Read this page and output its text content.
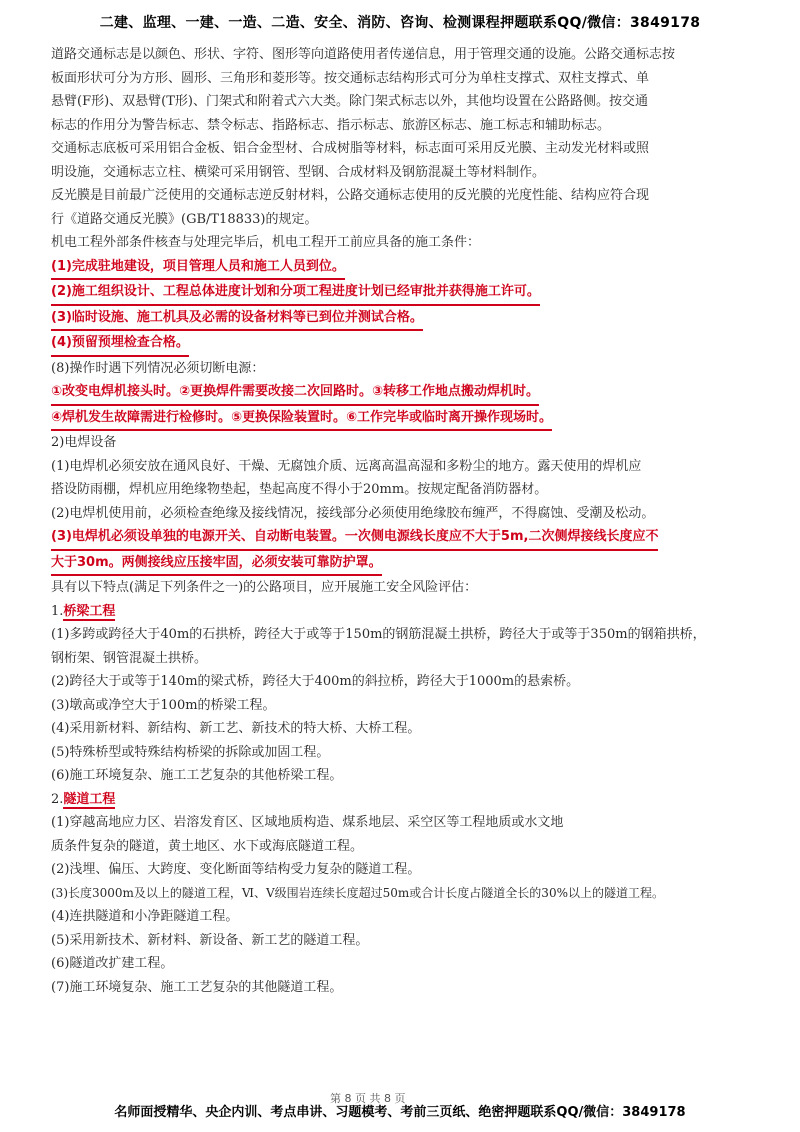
二建、监理、一建、一造、二造、安全、消防、咨询、检测课程押题联系QQ/微信：3849178

道路交通标志是以颜色、形状、字符、图形等向道路使用者传递信息，用于管理交通的设施。公路交通标志按

板面形状可分为方形、圆形、三角形和菱形等。按交通标志结构形式可分为单柱支撑式、双柱支撑式、单

悬臂(F形)、双悬臂(T形)、门架式和附着式六大类。除门架式标志以外，其他均设置在公路路侧。按交通

标志的作用分为警告标志、禁令标志、指路标志、指示标志、旅游区标志、施工标志和辅助标志。

交通标志底板可采用铝合金板、铝合金型材、合成树脂等材料，标志面可采用反光膜、主动发光材料或照

明设施，交通标志立柱、横梁可采用钢管、型钢、合成材料及钢筋混凝土等材料制作。

反光膜是目前最广泛使用的交通标志逆反射材料，公路交通标志使用的反光膜的光度性能、结构应符合现

行《道路交通反光膜》(GB/T18833)的规定。

机电工程外部条件核查与处理完毕后，机电工程开工前应具备的施工条件：

(1)完成驻地建设，项目管理人员和施工人员到位。

(2)施工组织设计、工程总体进度计划和分项工程进度计划已经审批并获得施工许可。

(3)临时设施、施工机具及必需的设备材料等已到位并测试合格。

(4)预留预埋检查合格。

(8)操作时遇下列情况必须切断电源：

①改变电焊机接头时。②更换焊件需要改接二次回路时。③转移工作地点搬动焊机时。

④焊机发生故障需进行检修时。⑤更换保险装置时。⑥工作完毕或临时离开操作现场时。

2)电焊设备

(1)电焊机必须安放在通风良好、干燥、无腐蚀介质、远离高温高湿和多粉尘的地方。露天使用的焊机应

搭设防雨棚，焊机应用绝缘物垫起，垫起高度不得小于20mm。按规定配备消防器材。

(2)电焊机使用前，必须检查绝缘及接线情况，接线部分必须使用绝缘胶布缠严，不得腐蚀、受潮及松动。

(3)电焊机必须设单独的电源开关、自动断电装置。一次侧电源线长度应不大于5m,二次侧焊接线长度应不

大于30m。两侧接线应压接牢固，必须安装可靠防护罩。

具有以下特点(满足下列条件之一)的公路项目，应开展施工安全风险评估：

1.桥梁工程

(1)多跨或跨径大于40m的石拱桥，跨径大于或等于150m的钢筋混凝土拱桥，跨径大于或等于350m的钢箱拱桥，

钢桁架、钢管混凝土拱桥。

(2)跨径大于或等于140m的梁式桥，跨径大于400m的斜拉桥，跨径大于1000m的悬索桥。

(3)墩高或净空大于100m的桥梁工程。

(4)采用新材料、新结构、新工艺、新技术的特大桥、大桥工程。

(5)特殊桥型或特殊结构桥梁的拆除或加固工程。

(6)施工环境复杂、施工工艺复杂的其他桥梁工程。

2.隧道工程

(1)穿越高地应力区、岩溶发育区、区域地质构造、煤系地层、采空区等工程地质或水文地

质条件复杂的隧道，黄土地区、水下或海底隧道工程。

(2)浅埋、偏压、大跨度、变化断面等结构受力复杂的隧道工程。

(3)长度3000m及以上的隧道工程，Ⅵ、Ⅴ级围岩连续长度超过50m或合计长度占隧道全长的30%以上的隧道工程。

(4)连拱隧道和小净距隧道工程。

(5)采用新技术、新材料、新设备、新工艺的隧道工程。

(6)隧道改扩建工程。

(7)施工环境复杂、施工工艺复杂的其他隧道工程。

第 8 页 共 8 页
名师面授精华、央企内训、考点串讲、习题模考、考前三页纸、绝密押题联系QQ/微信：3849178
